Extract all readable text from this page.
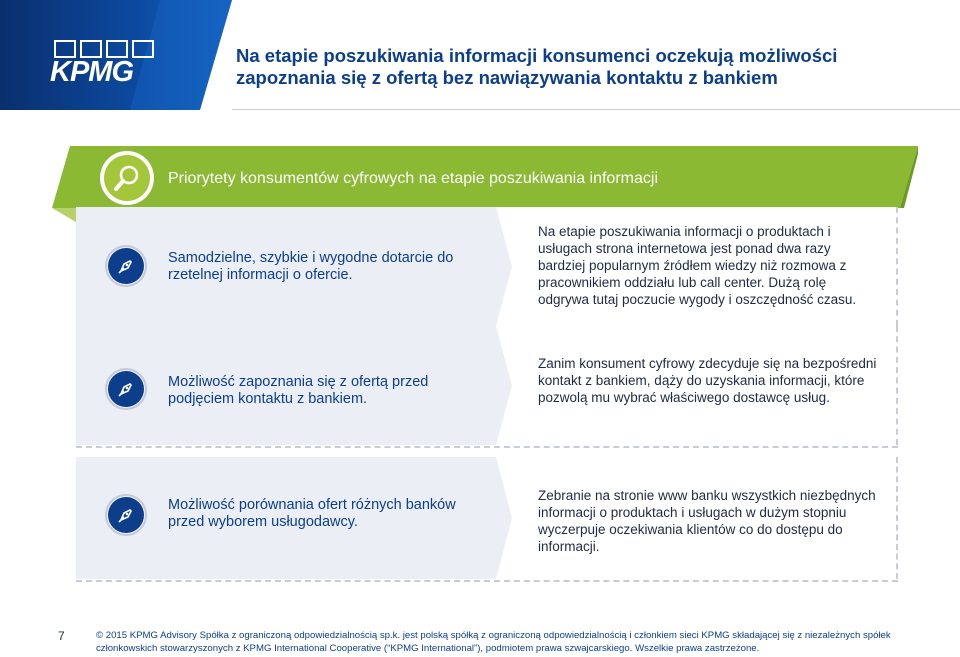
KPMG
Na etapie poszukiwania informacji konsumenci oczekują możliwości zapoznania się z ofertą bez nawiązywania kontaktu z bankiem
Priorytety konsumentów cyfrowych na etapie poszukiwania informacji
Samodzielne, szybkie i wygodne dotarcie do rzetelnej informacji o ofercie.
Na etapie poszukiwania informacji o produktach i usługach strona internetowa jest ponad dwa razy bardziej popularnym źródłem wiedzy niż rozmowa z pracownikiem oddziału lub call center. Dużą rolę odgrywa tutaj poczucie wygody i oszczędność czasu.
Możliwość zapoznania się z ofertą przed podjęciem kontaktu z bankiem.
Zanim konsument cyfrowy zdecyduje się na bezpośredni kontakt z bankiem, dąży do uzyskania informacji, które pozwolą mu wybrać właściwego dostawcę usług.
Możliwość porównania ofert różnych banków przed wyborem usługodawcy.
Zebranie na stronie www banku wszystkich niezbędnych informacji o produktach i usługach w dużym stopniu wyczerpuje oczekiwania klientów co do dostępu do informacji.
7	© 2015 KPMG Advisory Spółka z ograniczoną odpowiedzialnością sp.k. jest polską spółką z ograniczoną odpowiedzialnością i członkiem sieci KPMG składającej się z niezależnych spółek członkowskich stowarzyszonych z KPMG International Cooperative (“KPMG International”), podmiotem prawa szwajcarskiego. Wszelkie prawa zastrzeżone.
